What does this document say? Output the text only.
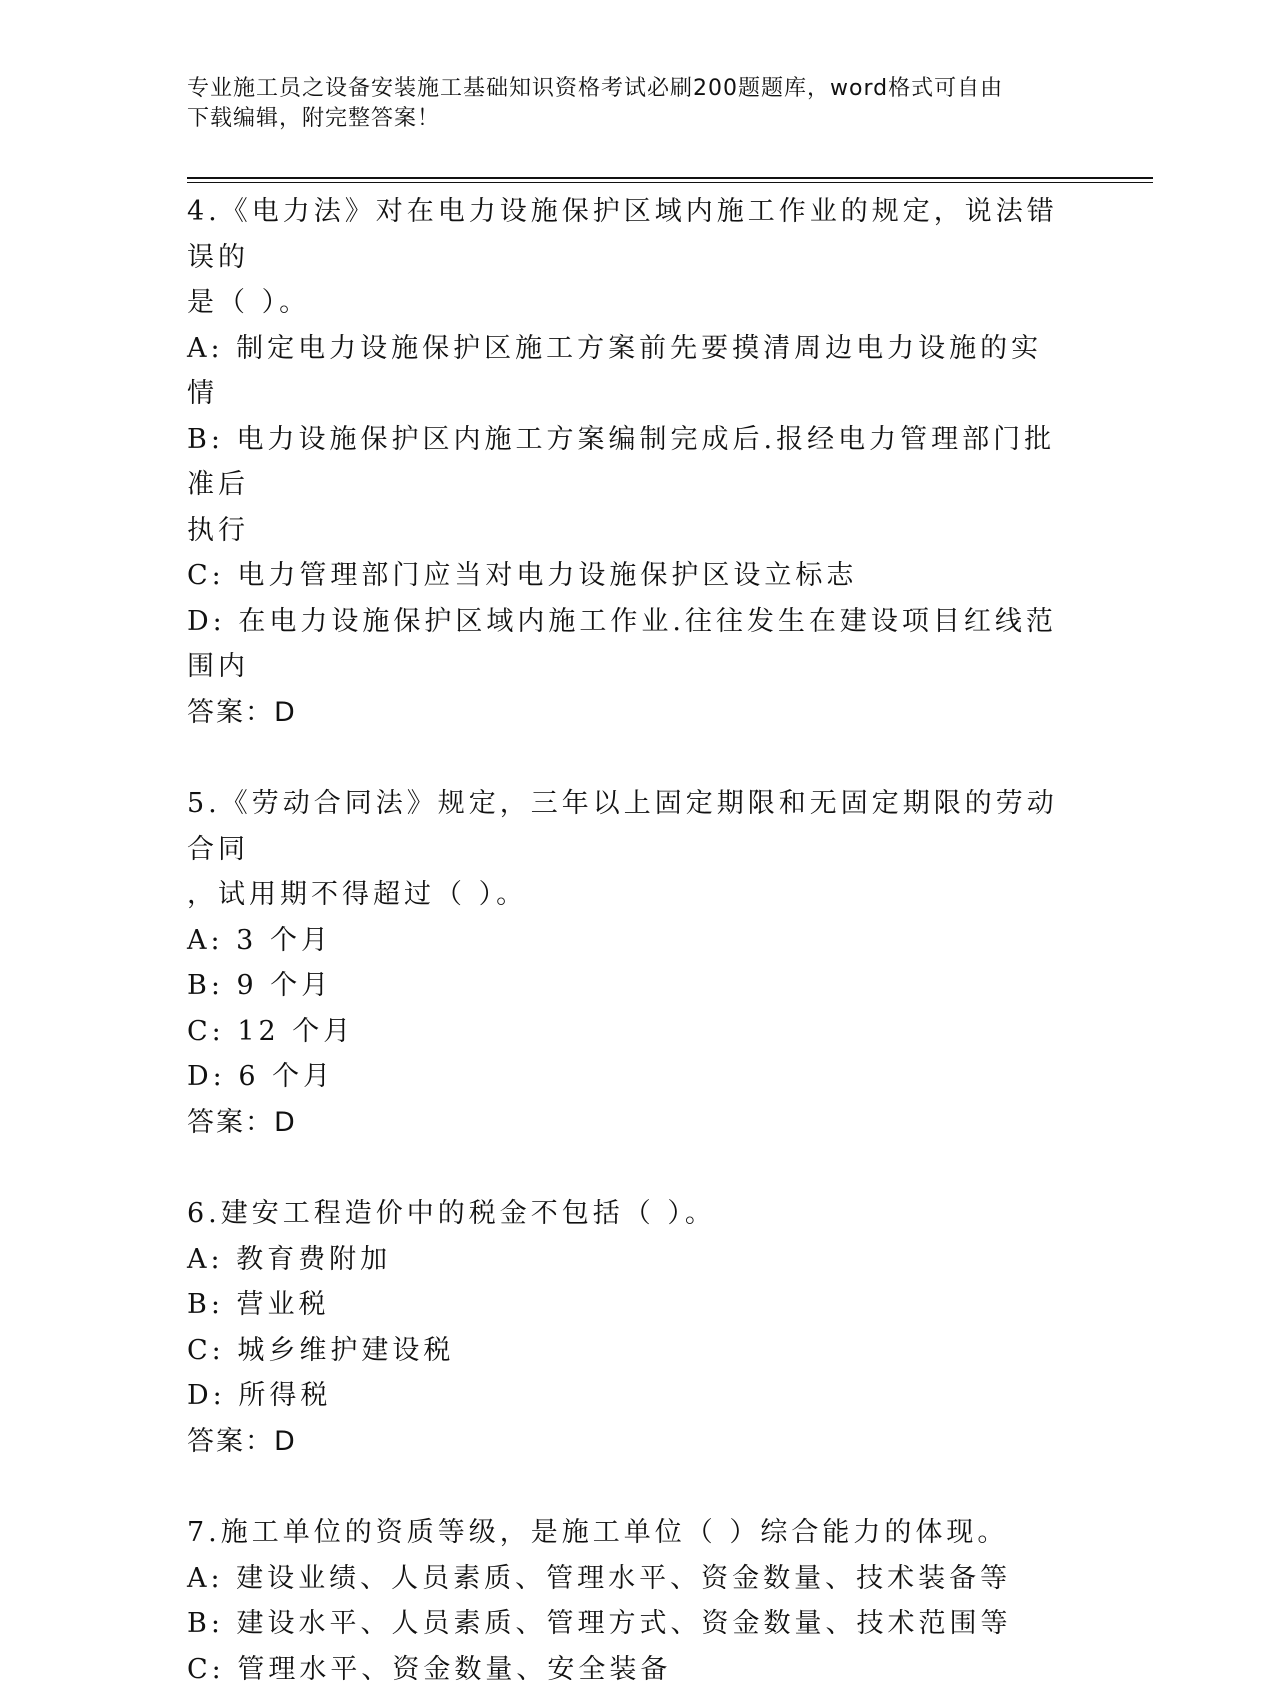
专业施工员之设备安装施工基础知识资格考试必刷200题题库，word格式可自由
下载编辑，附完整答案！
4.《电力法》对在电力设施保护区域内施工作业的规定，说法错误的
是（ ）。
A: 制定电力设施保护区施工方案前先要摸清周边电力设施的实情
B: 电力设施保护区内施工方案编制完成后.报经电力管理部门批准后
执行
C: 电力管理部门应当对电力设施保护区设立标志
D: 在电力设施保护区域内施工作业.往往发生在建设项目红线范围内
答案：D
5.《劳动合同法》规定，三年以上固定期限和无固定期限的劳动合同
，试用期不得超过（ ）。
A: 3 个月
B: 9 个月
C: 12 个月
D: 6 个月
答案：D
6.建安工程造价中的税金不包括（ ）。
A: 教育费附加
B: 营业税
C: 城乡维护建设税
D: 所得税
答案：D
7.施工单位的资质等级，是施工单位（ ）综合能力的体现。
A: 建设业绩、人员素质、管理水平、资金数量、技术装备等
B: 建设水平、人员素质、管理方式、资金数量、技术范围等
C: 管理水平、资金数量、安全装备
